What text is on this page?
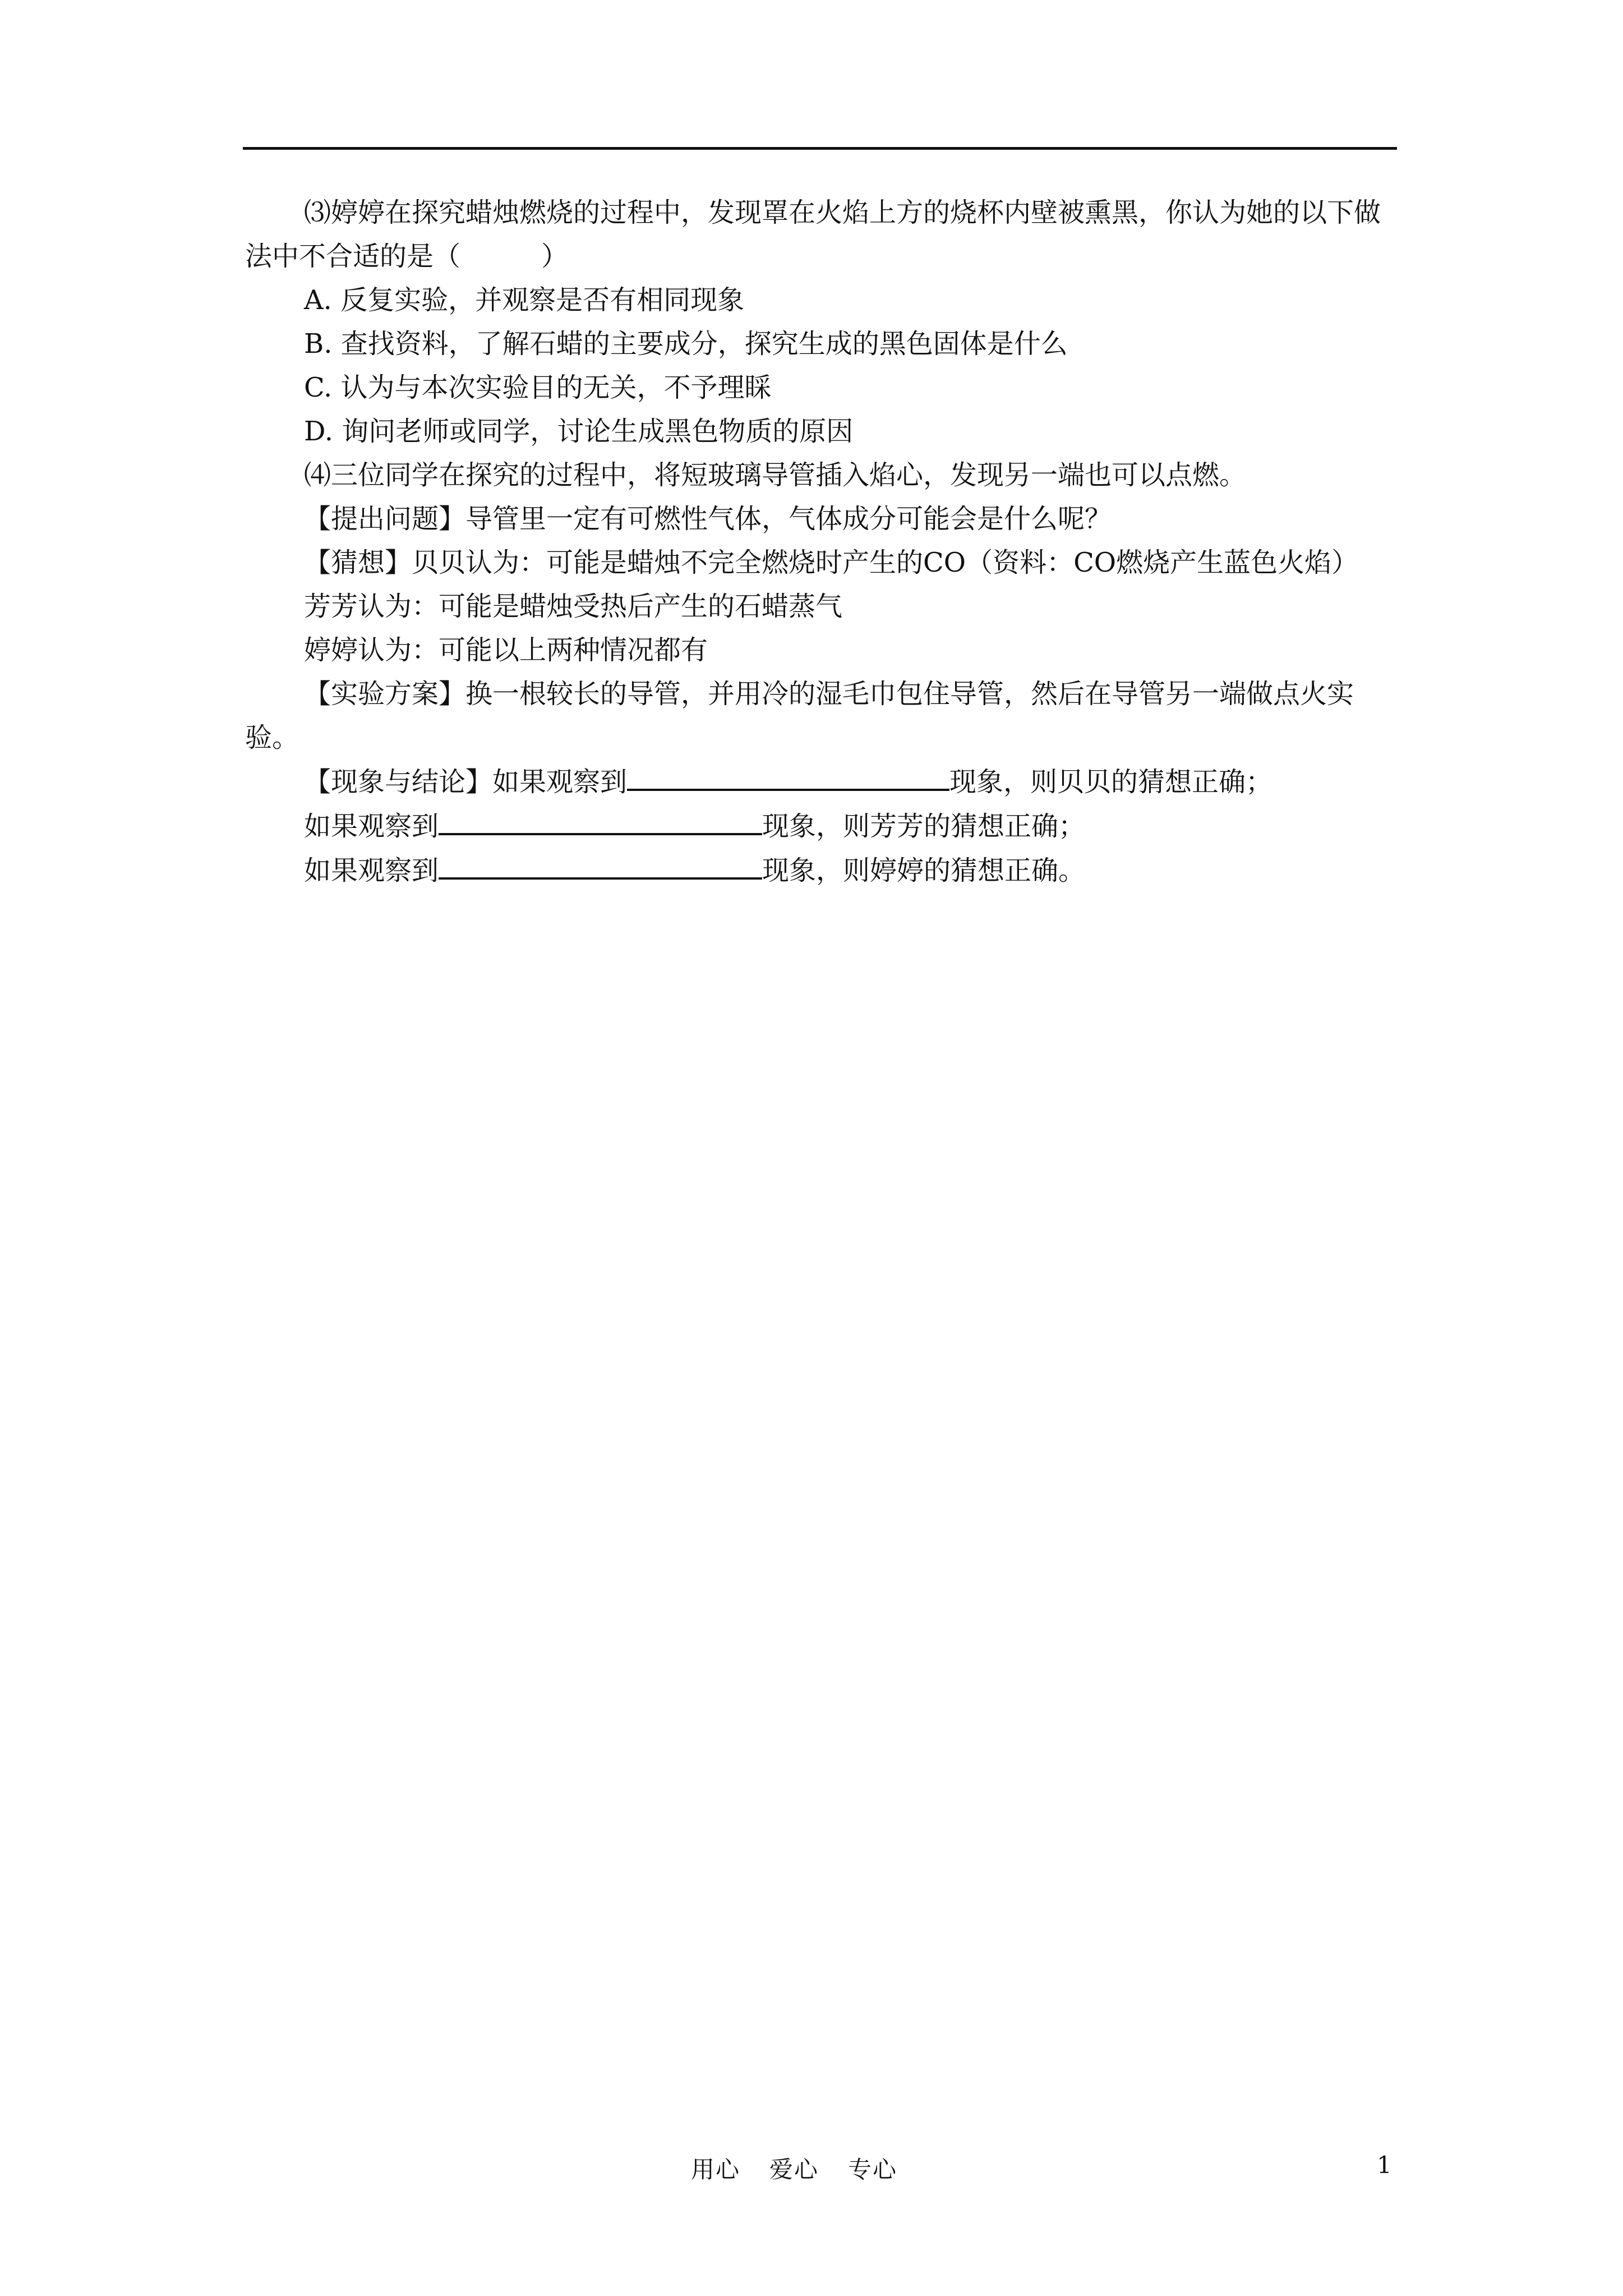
⑶婷婷在探究蜡烛燃烧的过程中，发现罩在火焰上方的烧杯内壁被熏黑，你认为她的以下做法中不合适的是（　　　）

A. 反复实验，并观察是否有相同现象

B. 查找资料，了解石蜡的主要成分，探究生成的黑色固体是什么

C. 认为与本次实验目的无关，不予理睬

D. 询问老师或同学，讨论生成黑色物质的原因

⑷三位同学在探究的过程中，将短玻璃导管插入焰心，发现另一端也可以点燃。

【提出问题】导管里一定有可燃性气体，气体成分可能会是什么呢？

【猜想】贝贝认为：可能是蜡烛不完全燃烧时产生的CO（资料：CO燃烧产生蓝色火焰）

芳芳认为：可能是蜡烛受热后产生的石蜡蒸气

婷婷认为：可能以上两种情况都有

【实验方案】换一根较长的导管，并用冷的湿毛巾包住导管，然后在导管另一端做点火实验。

【现象与结论】如果观察到	现象，则贝贝的猜想正确；

如果观察到	现象，则芳芳的猜想正确；

如果观察到	现象，则婷婷的猜想正确。

用心 爱心 专心	1
